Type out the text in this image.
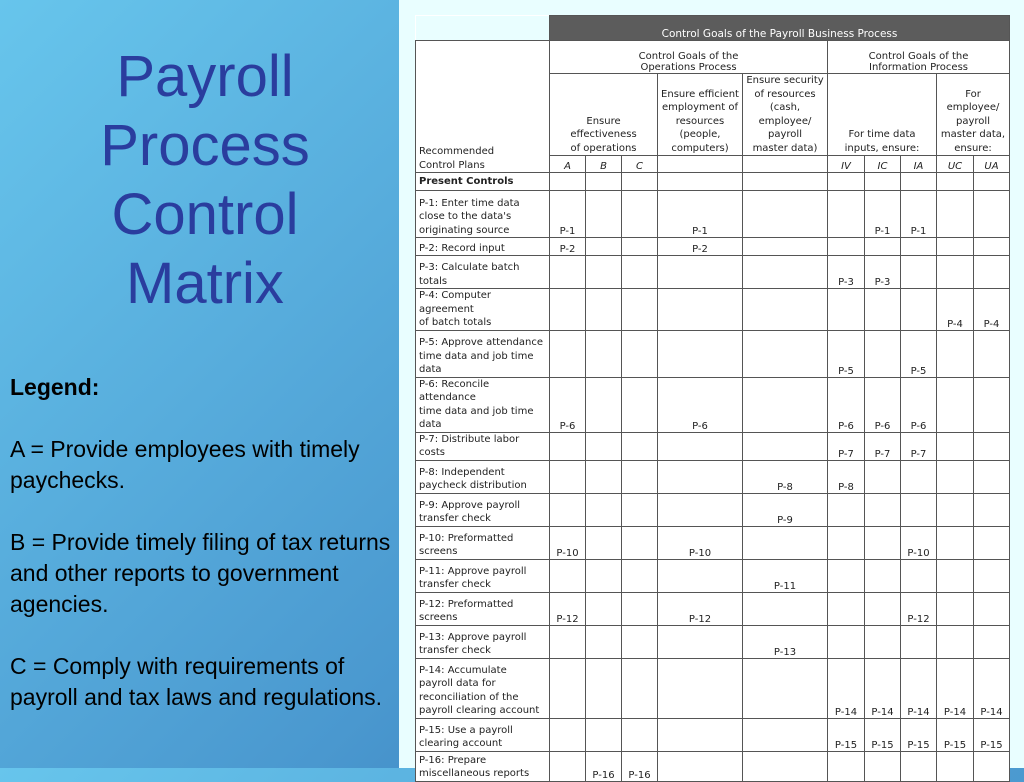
Payroll
Process
Control
Matrix
Legend:
A = Provide employees with timely paychecks.
B = Provide timely filing of tax returns and other reports to government agencies.
C = Comply with requirements of payroll and tax laws and regulations.
	Control Goals of the Payroll Business Process									
Recommended
Control Plans	Control Goals of the
Operations Process					Control Goals of the
Information Process				
	Ensure
effectiveness
of operations			Ensure efficient
employment of
resources
(people,
computers)	Ensure security
of resources
(cash, employee/
payroll
master data)	For time data
inputs, ensure:			For
employee/
payroll
master data,
ensure:	
	A	B	C			IV	IC	IA	UC	UA
Present Controls										
P-1: Enter time data
close to the data's
originating source	P-1			P-1			P-1	P-1		
P-2: Record input	P-2			P-2						
P-3: Calculate batch
totals						P-3	P-3			
P-4: Computer agreement
of batch totals									P-4	P-4
P-5: Approve attendance
time data and job time
data						P-5		P-5		
P-6: Reconcile attendance
time data and job time
data	P-6			P-6		P-6	P-6	P-6		
P-7: Distribute labor costs						P-7	P-7	P-7		
P-8: Independent
paycheck distribution					P-8	P-8				
P-9: Approve payroll
transfer check					P-9					
P-10: Preformatted
screens	P-10			P-10				P-10		
P-11: Approve payroll
transfer check					P-11					
P-12: Preformatted
screens	P-12			P-12				P-12		
P-13: Approve payroll
transfer check					P-13					
P-14: Accumulate
payroll data for
reconciliation of the
payroll clearing account						P-14	P-14	P-14	P-14	P-14
P-15: Use a payroll
clearing account						P-15	P-15	P-15	P-15	P-15
P-16: Prepare
miscellaneous reports		P-16	P-16							
